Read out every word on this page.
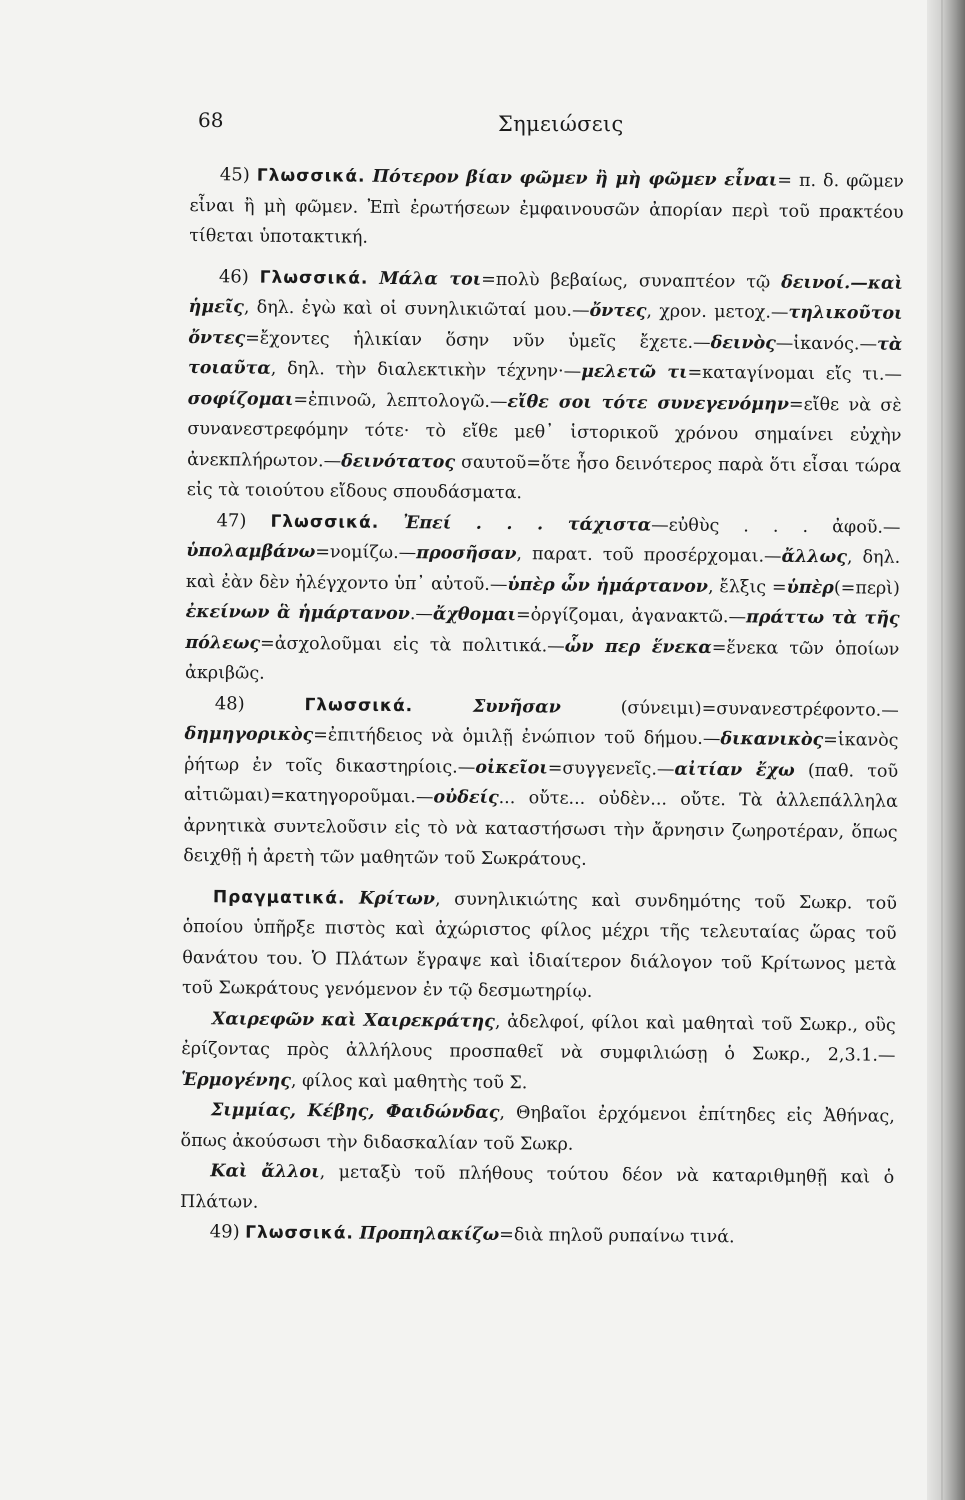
68	Σημειώσεις

45) Γλωσσικά. Πότερον βίαν φῶμεν ἢ μὴ φῶμεν εἶναι= π. δ. φῶμεν εἶναι ἢ μὴ φῶμεν. Ἐπὶ ἐρωτήσεων ἐμφαινουσῶν ἀπορίαν περὶ τοῦ πρακτέου τίθεται ὑποτακτική.

46) Γλωσσικά. Μάλα τοι=πολὺ βεβαίως, συναπτέον τῷ δεινοί.—καὶ ἡμεῖς, δηλ. ἐγὼ καὶ οἱ συνηλικιῶταί μου.—ὄντες, χρον. μετοχ.—τηλικοῦτοι ὄντες=ἔχοντες ἡλικίαν ὅσην νῦν ὑμεῖς ἔχετε.—δεινὸς—ἱκανός.—τὰ τοιαῦτα, δηλ. τὴν διαλεκτικὴν τέχνην·—μελετῶ τι=καταγίνομαι εἴς τι.—σοφίζομαι=ἐπινοῶ, λεπτολογῶ.—εἴθε σοι τότε συνεγενόμην=εἴθε νὰ σὲ συνανεστρεφόμην τότε· τὸ εἴθε μεθ᾽ ἱστορικοῦ χρόνου σημαίνει εὐχὴν ἀνεκπλήρωτον.—δεινότατος σαυτοῦ=ὅτε ἦσο δεινότερος παρὰ ὅτι εἶσαι τώρα εἰς τὰ τοιούτου εἴδους σπουδάσματα.

47) Γλωσσικά. Ἐπεί . . . τάχιστα—εὐθὺς . . . ἀφοῦ.—ὑπολαμβάνω=νομίζω.—προσῆσαν, παρατ. τοῦ προσέρχομαι.—ἄλλως, δηλ. καὶ ἐὰν δὲν ἠλέγχοντο ὑπ᾽ αὐτοῦ.—ὑπὲρ ὧν ἡμάρτανον, ἔλξις =ὑπὲρ(=περὶ) ἐκείνων ἃ ἡμάρτανον.—ἄχθομαι=ὀργίζομαι, ἀγανακτῶ.—πράττω τὰ τῆς πόλεως=ἀσχολοῦμαι εἰς τὰ πολιτικά.—ὧν περ ἕνεκα=ἕνεκα τῶν ὁποίων ἀκριβῶς.

48)	Γλωσσικά.	Συνῆσαν (σύνειμι)=συνανεστρέφοντο.—δημηγορικὸς=ἐπιτήδειος νὰ ὁμιλῇ ἐνώπιον τοῦ δήμου.—δικανικὸς=ἱκανὸς ῥήτωρ ἐν τοῖς δικαστηρίοις.—οἰκεῖοι=συγγενεῖς.—αἰτίαν ἔχω (παθ. τοῦ αἰτιῶμαι)=κατηγοροῦμαι.—οὐδείς... οὔτε... οὐδὲν... οὔτε. Τὰ ἀλλεπάλληλα ἀρνητικὰ συντελοῦσιν εἰς τὸ νὰ καταστήσωσι τὴν ἄρνησιν ζωηροτέραν, ὅπως δειχθῇ ἡ ἀρετὴ τῶν μαθητῶν τοῦ Σωκράτους.

Πραγματικά. Κρίτων, συνηλικιώτης καὶ συνδημότης τοῦ Σωκρ. τοῦ ὁποίου ὑπῆρξε πιστὸς καὶ ἀχώριστος φίλος μέχρι τῆς τελευταίας ὥρας τοῦ θανάτου του. Ὁ Πλάτων ἔγραψε καὶ ἰδιαίτερον διάλογον τοῦ Κρίτωνος μετὰ τοῦ Σωκράτους γενόμενον ἐν τῷ δεσμωτηρίῳ.

Χαιρεφῶν καὶ Χαιρεκράτης, ἀδελφοί, φίλοι καὶ μαθηταὶ τοῦ Σωκρ., οὓς ἐρίζοντας πρὸς ἀλλήλους προσπαθεῖ νὰ συμφιλιώσῃ ὁ Σωκρ., 2,3.1.—Ἑρμογένης, φίλος καὶ μαθητὴς τοῦ Σ.

Σιμμίας, Κέβης, Φαιδώνδας, Θηβαῖοι ἐρχόμενοι ἐπίτηδες εἰς Ἀθήνας, ὅπως ἀκούσωσι τὴν διδασκαλίαν τοῦ Σωκρ.

Καὶ ἄλλοι, μεταξὺ τοῦ πλήθους τούτου δέον νὰ καταριθμηθῇ καὶ ὁ Πλάτων.

49) Γλωσσικά. Προπηλακίζω=διὰ πηλοῦ ρυπαίνω τινά.
